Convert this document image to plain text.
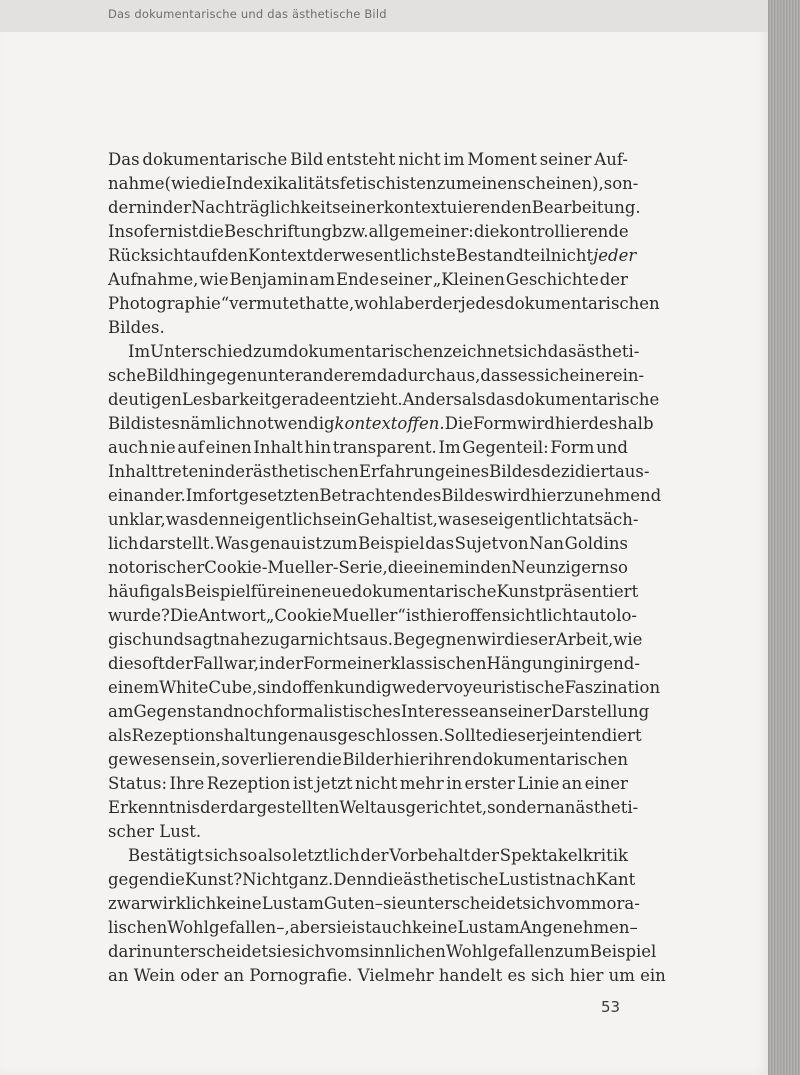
Das dokumentarische und das ästhetische Bild
Das dokumentarische Bild entsteht nicht im Moment seiner Auf-
nahme (wie die Indexikalitätsfetischisten zu meinen scheinen), son-
dern in der Nachträglichkeit seiner kontextuierenden Bearbeitung.
Insofern ist die Beschriftung bzw. allgemeiner: die kontrollierende
Rücksicht auf den Kontext der wesentlichste Bestandteil nicht jeder
Aufnahme, wie Benjamin am Ende seiner „Kleinen Geschichte der
Photographie“ vermutet hatte, wohl aber der jedes dokumentarischen
Bildes.
Im Unterschied zum dokumentarischen zeichnet sich das ästheti-
sche Bild hingegen unter anderem dadurch aus, dass es sich einer ein-
deutigen Lesbarkeit gerade entzieht. Anders als das dokumentarische
Bild ist es nämlich notwendig kontextoffen. Die Form wird hier deshalb
auch nie auf einen Inhalt hin transparent. Im Gegenteil: Form und
Inhalt treten in der ästhetischen Erfahrung eines Bildes dezidiert aus-
einander. Im fortgesetzten Betrachten des Bildes wird hier zunehmend
unklar, was denn eigentlich sein Gehalt ist, was es eigentlich tatsäch-
lich darstellt. Was genau ist zum Beispiel das Sujet von Nan Goldins
notorischer Cookie-Mueller-Serie, die einem in den Neunzigern so
häufig als Beispiel für eine neue dokumentarische Kunst präsentiert
wurde? Die Antwort „Cookie Mueller“ ist hier offensichtlich tautolo-
gisch und sagt nahezu gar nichts aus. Begegnen wir dieser Arbeit, wie
dies oft der Fall war, in der Form einer klassischen Hängung in irgend-
einem White Cube, sind offenkundig weder voyeuristische Faszination
am Gegenstand noch formalistisches Interesse an seiner Darstellung
als Rezeptionshaltungen ausgeschlossen. Sollte dieser je intendiert
gewesen sein, so verlieren die Bilder hier ihren dokumentarischen
Status: Ihre Rezeption ist jetzt nicht mehr in erster Linie an einer
Erkenntnis der dargestellten Welt ausgerichtet, sondern an ästheti-
scher Lust.
Bestätigt sich so also letztlich der Vorbehalt der Spektakelkritik
gegen die Kunst? Nicht ganz. Denn die ästhetische Lust ist nach Kant
zwar wirklich keine Lust am Guten – sie unterscheidet sich vom mora-
lischen Wohlgefallen –, aber sie ist auch keine Lust am Angenehmen –
darin unterscheidet sie sich vom sinnlichen Wohlgefallen zum Beispiel
an Wein oder an Pornografie. Vielmehr handelt es sich hier um ein
53
